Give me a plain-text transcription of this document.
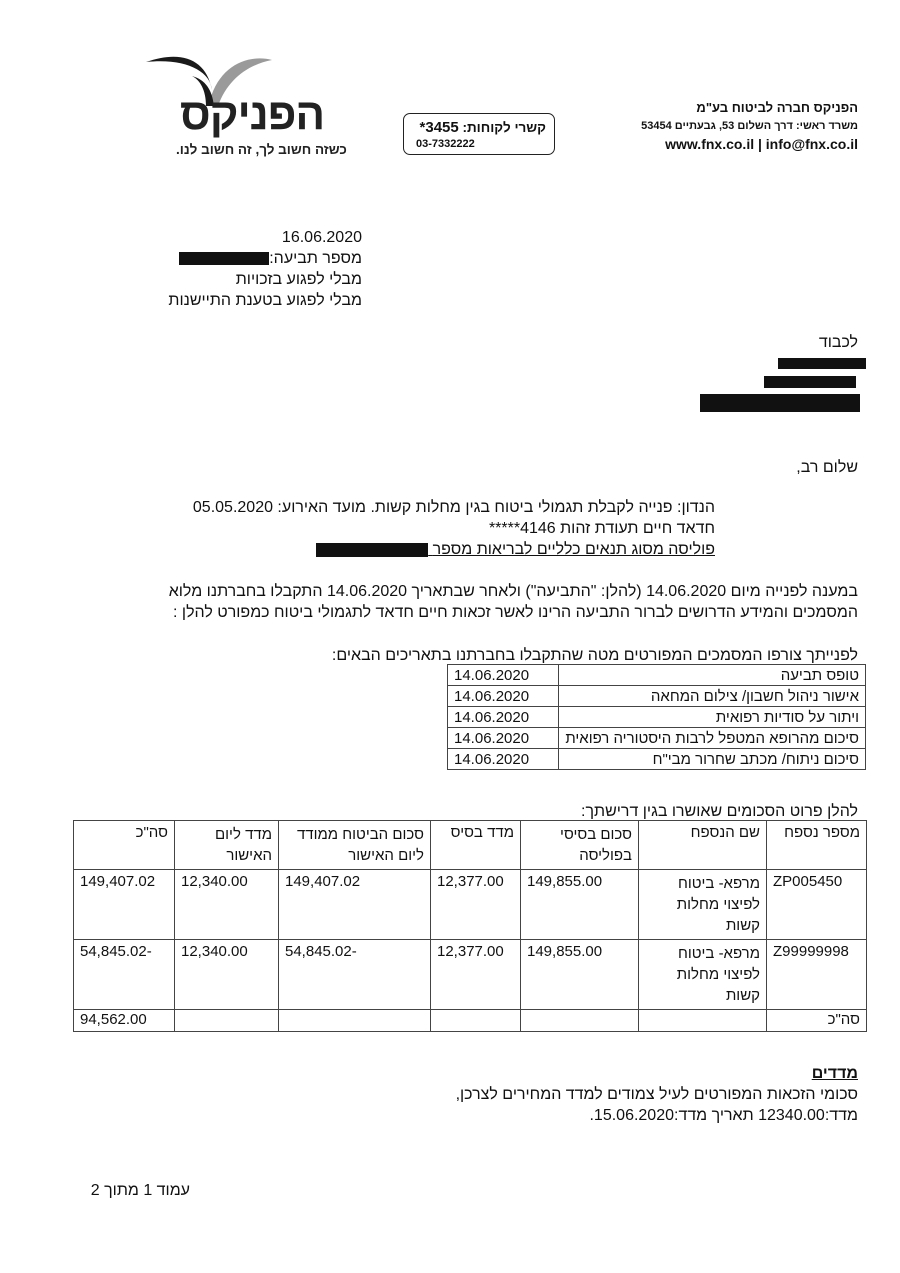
הפניקס
כשזה חשוב לך, זה חשוב לנו.
קשרי לקוחות: *3455
03-7332222
הפניקס חברה לביטוח בע"מ
משרד ראשי: דרך השלום 53, גבעתיים 53454
www.fnx.co.il | info@fnx.co.il
16.06.2020
מספר תביעה:
מבלי לפגוע בזכויות
מבלי לפגוע בטענת התיישנות
לכבוד
שלום רב,
הנדון: פנייה לקבלת תגמולי ביטוח בגין מחלות קשות. מועד האירוע: 05.05.2020
חדאד חיים תעודת זהות 4146*****
פוליסה מסוג תנאים כלליים לבריאות מספר
במענה לפנייה מיום 14.06.2020 (להלן: "התביעה") ולאחר שבתאריך 14.06.2020 התקבלו בחברתנו מלוא
המסמכים והמידע הדרושים לברור התביעה הרינו לאשר זכאות חיים חדאד לתגמולי ביטוח כמפורט להלן :
לפנייתך צורפו המסמכים המפורטים מטה שהתקבלו בחברתנו בתאריכים הבאים:
טופס תביעה	14.06.2020
אישור ניהול חשבון/ צילום המחאה	14.06.2020
ויתור על סודיות רפואית	14.06.2020
סיכום מהרופא המטפל לרבות היסטוריה רפואית	14.06.2020
סיכום ניתוח/ מכתב שחרור מבי"ח	14.06.2020
להלן פרוט הסכומים שאושרו בגין דרישתך:
מספר נספח	שם הנספח	סכום בסיסי בפוליסה	מדד בסיס	סכום הביטוח ממודד ליום האישור	מדד ליום האישור	סה"כ
ZP005450	מרפא- ביטוח לפיצוי מחלות קשות	149,855.00	12,377.00	149,407.02	12,340.00	149,407.02
Z99999998	מרפא- ביטוח לפיצוי מחלות קשות	149,855.00	12,377.00	-54,845.02	12,340.00	-54,845.02
סה"כ						94,562.00
מדדים
סכומי הזכאות המפורטים לעיל צמודים למדד המחירים לצרכן,
מדד:12340.00 תאריך מדד:15.06.2020.
עמוד 1 מתוך 2
